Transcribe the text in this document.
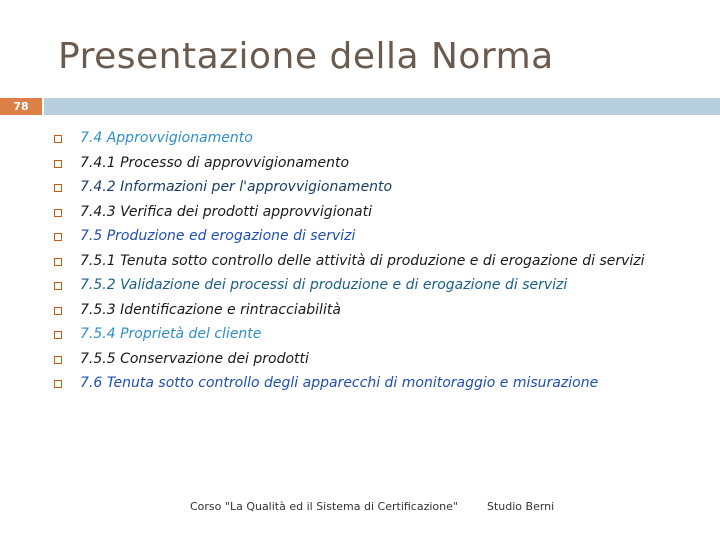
Presentazione della Norma
78
7.4 Approvvigionamento
7.4.1 Processo di approvvigionamento
7.4.2 Informazioni per l'approvvigionamento
7.4.3 Verifica dei prodotti approvvigionati
7.5 Produzione ed erogazione di servizi
7.5.1 Tenuta sotto controllo delle attività di produzione e di erogazione di servizi
7.5.2 Validazione dei processi di produzione e di erogazione di servizi
7.5.3 Identificazione e rintracciabilità
7.5.4 Proprietà del cliente
7.5.5 Conservazione dei prodotti
7.6 Tenuta sotto controllo degli apparecchi di monitoraggio e misurazione
Corso "La Qualità ed il Sistema di Certificazione"	Studio Berni
